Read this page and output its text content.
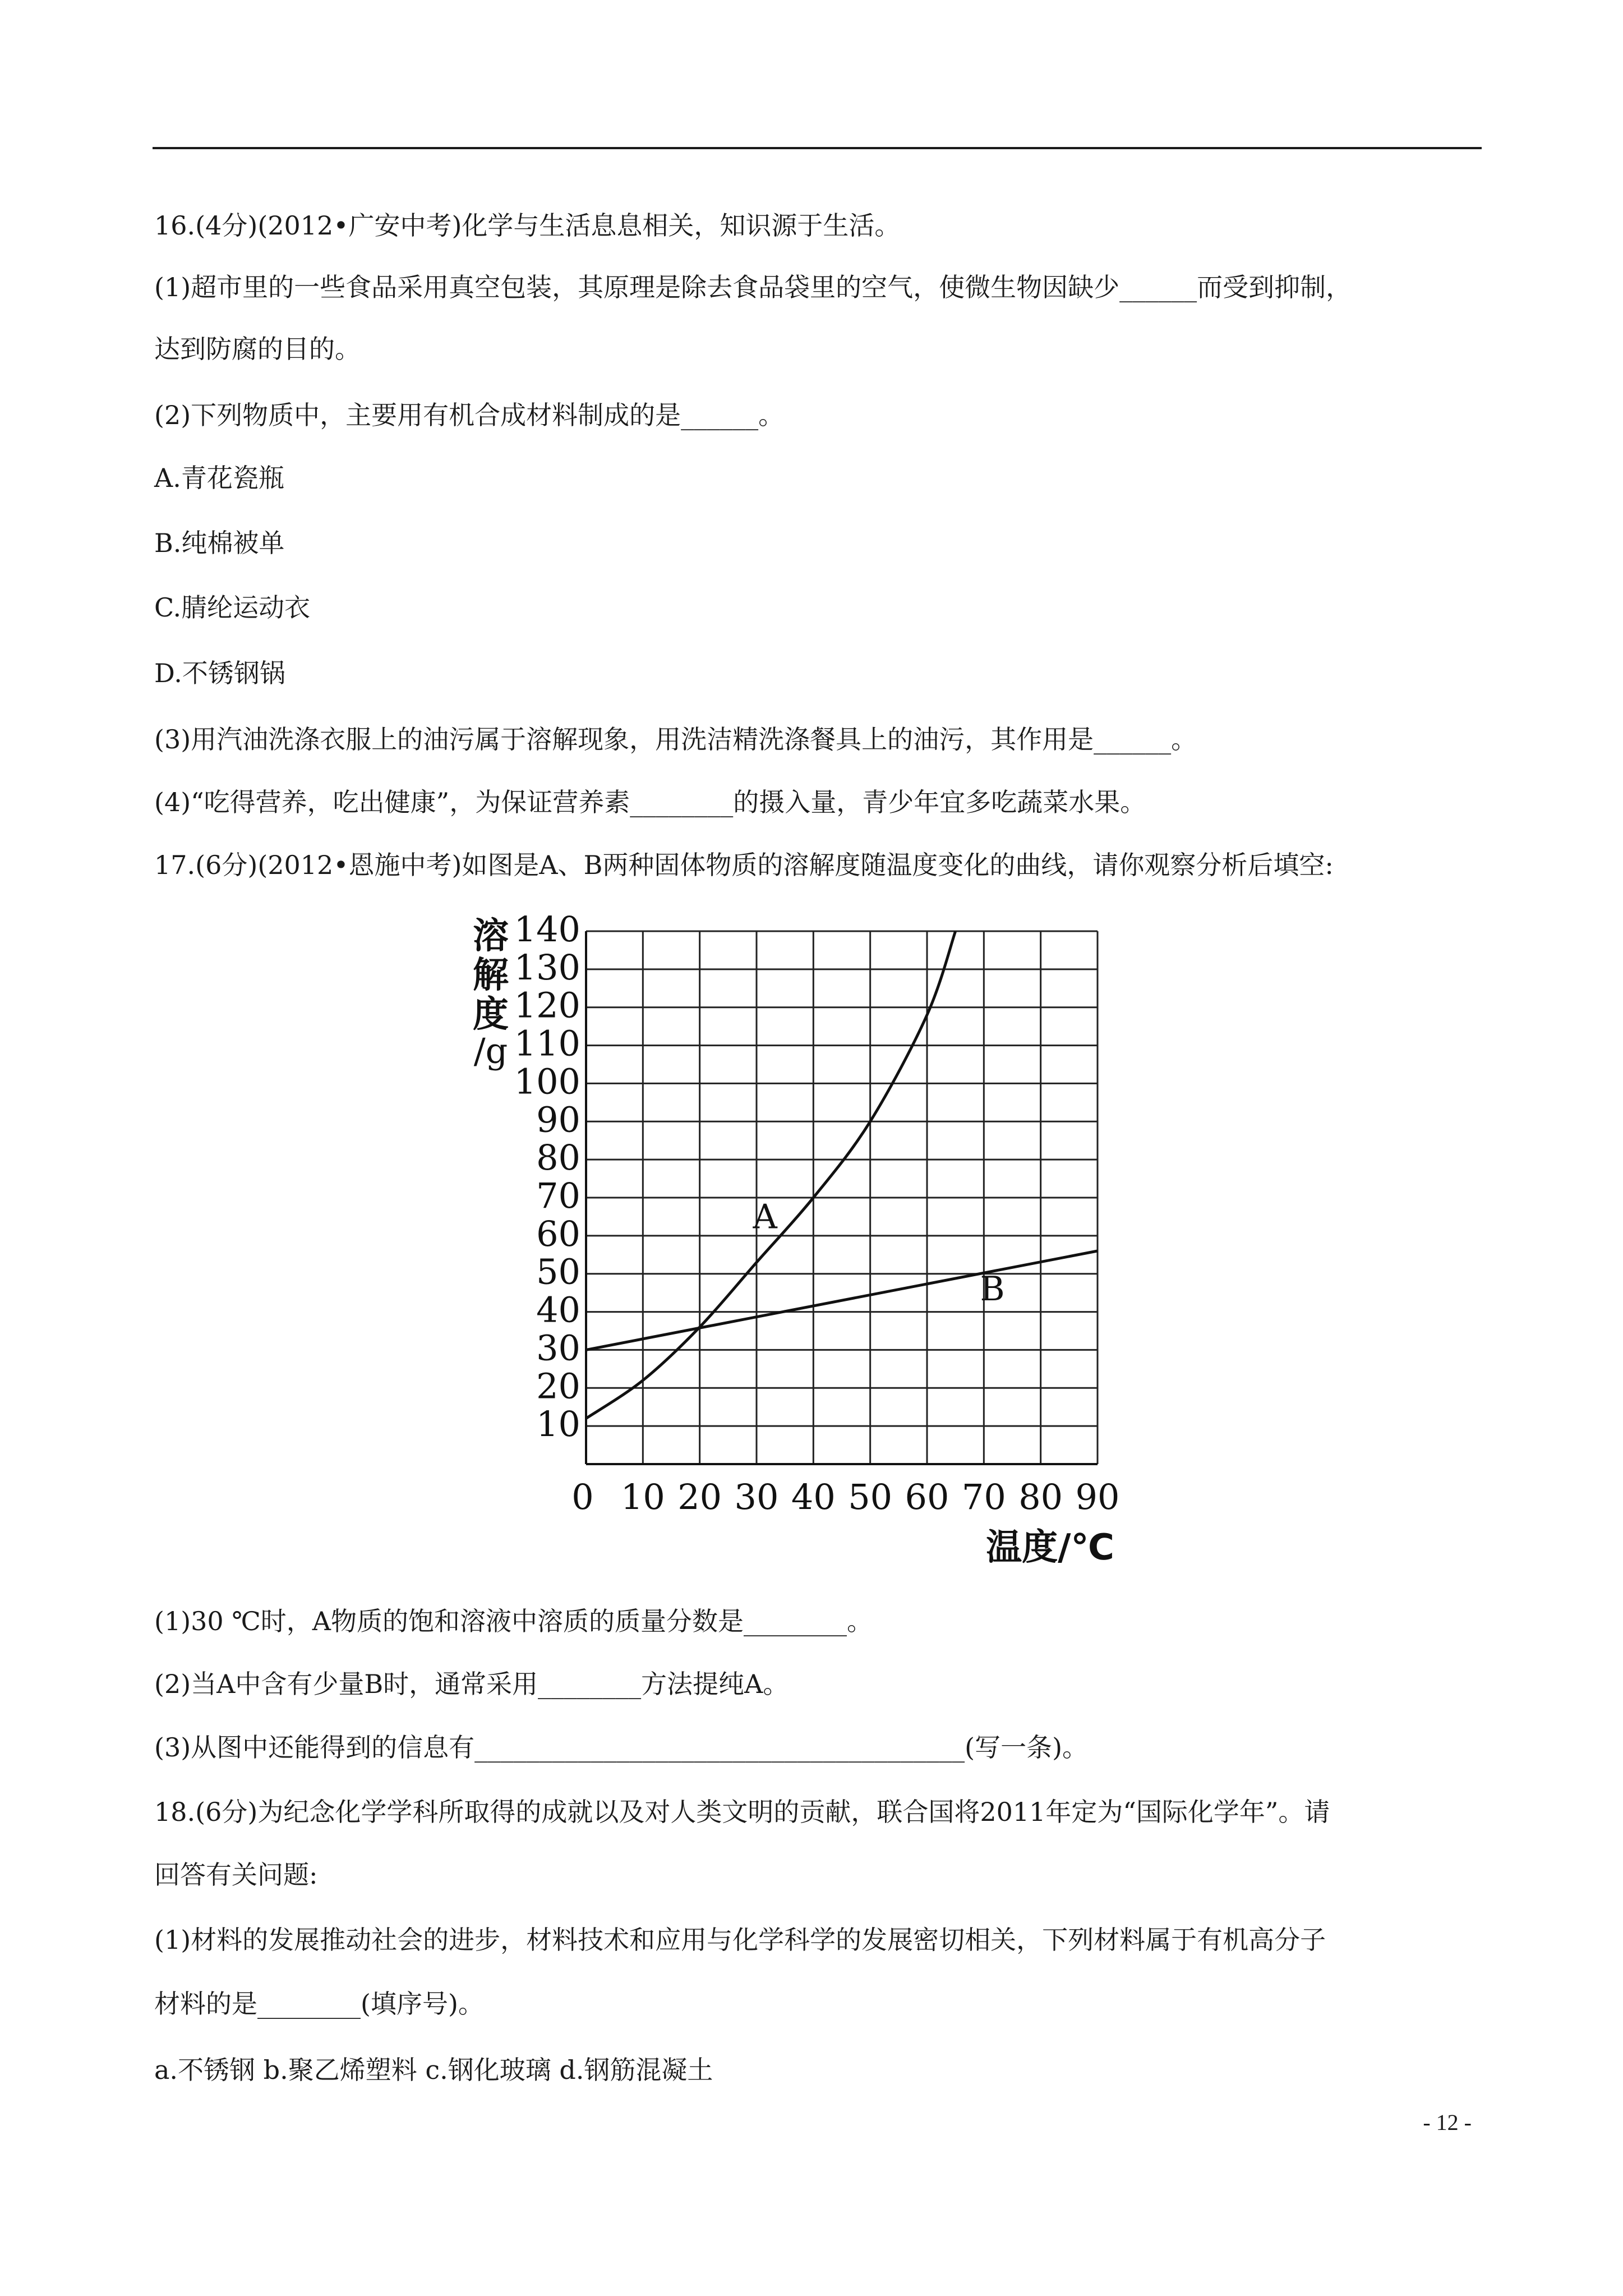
16.(4分)(2012•广安中考)化学与生活息息相关，知识源于生活。
(1)超市里的一些食品采用真空包装，其原理是除去食品袋里的空气，使微生物因缺少______而受到抑制，
达到防腐的目的。
(2)下列物质中，主要用有机合成材料制成的是______。
A.青花瓷瓶
B.纯棉被单
C.腈纶运动衣
D.不锈钢锅
(3)用汽油洗涤衣服上的油污属于溶解现象，用洗洁精洗涤餐具上的油污，其作用是______。
(4)“吃得营养，吃出健康”，为保证营养素________的摄入量，青少年宜多吃蔬菜水果。
17.(6分)(2012•恩施中考)如图是A、B两种固体物质的溶解度随温度变化的曲线，请你观察分析后填空:
10
20
30
40
50
60
70
80
90
100
110
120
130
140
0 10 20 30 40 50 60 70 80 90
溶
解
度
/g
温度/℃
A
B
(1)30 ℃时，A物质的饱和溶液中溶质的质量分数是________。
(2)当A中含有少量B时，通常采用________方法提纯A。
(3)从图中还能得到的信息有______________________________________(写一条)。
18.(6分)为纪念化学学科所取得的成就以及对人类文明的贡献，联合国将2011年定为“国际化学年”。请
回答有关问题:
(1)材料的发展推动社会的进步，材料技术和应用与化学科学的发展密切相关，下列材料属于有机高分子
材料的是________(填序号)。
a.不锈钢 b.聚乙烯塑料 c.钢化玻璃 d.钢筋混凝土
- 12 -
